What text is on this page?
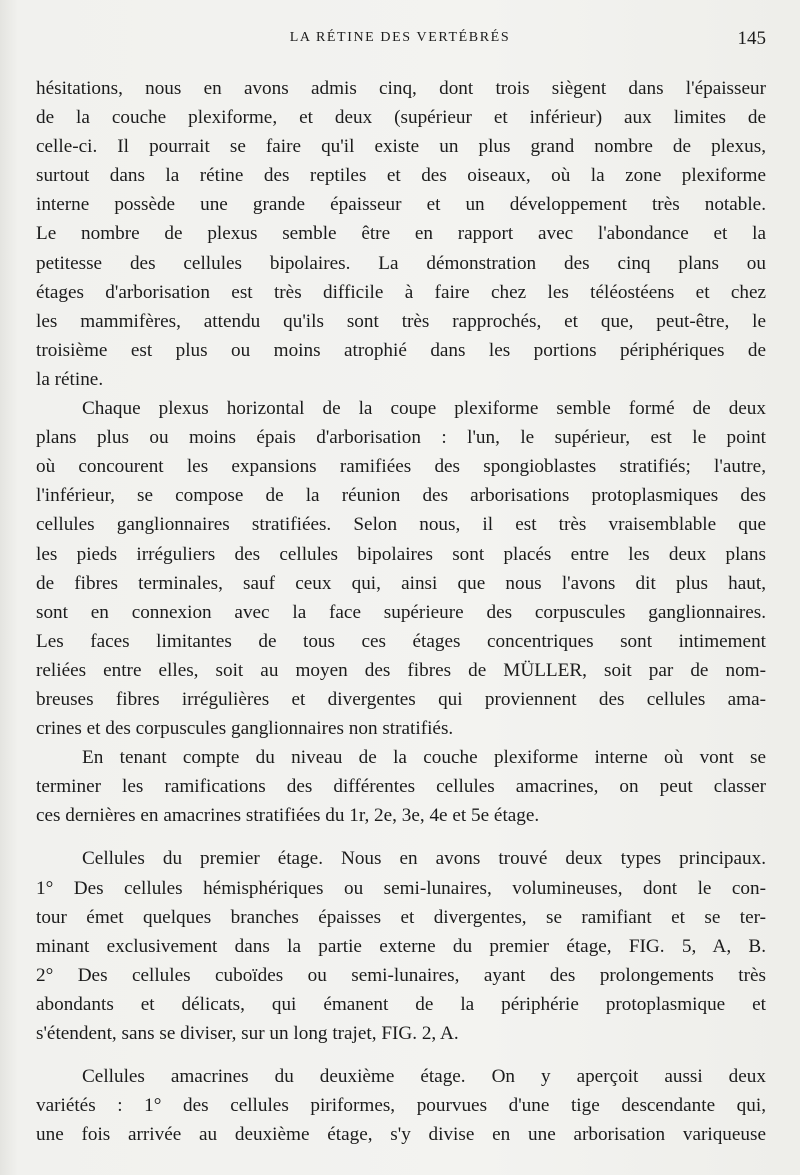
LA RÉTINE DES VERTÉBRÉS	145

hésitations, nous en avons admis cinq, dont trois siègent dans l'épaisseur
de la couche plexiforme, et deux (supérieur et inférieur) aux limites de
celle-ci. Il pourrait se faire qu'il existe un plus grand nombre de plexus,
surtout dans la rétine des reptiles et des oiseaux, où la zone plexiforme
interne possède une grande épaisseur et un développement très notable.
Le nombre de plexus semble être en rapport avec l'abondance et la
petitesse des cellules bipolaires. La démonstration des cinq plans ou
étages d'arborisation est très difficile à faire chez les téléostéens et chez
les mammifères, attendu qu'ils sont très rapprochés, et que, peut-être, le
troisième est plus ou moins atrophié dans les portions périphériques de
la rétine.

Chaque plexus horizontal de la coupe plexiforme semble formé de deux
plans plus ou moins épais d'arborisation : l'un, le supérieur, est le point
où concourent les expansions ramifiées des spongioblastes stratifiés; l'autre,
l'inférieur, se compose de la réunion des arborisations protoplasmiques des
cellules ganglionnaires stratifiées. Selon nous, il est très vraisemblable que
les pieds irréguliers des cellules bipolaires sont placés entre les deux plans
de fibres terminales, sauf ceux qui, ainsi que nous l'avons dit plus haut,
sont en connexion avec la face supérieure des corpuscules ganglionnaires.
Les faces limitantes de tous ces étages concentriques sont intimement
reliées entre elles, soit au moyen des fibres de MÜLLER, soit par de nom-
breuses fibres irrégulières et divergentes qui proviennent des cellules ama-
crines et des corpuscules ganglionnaires non stratifiés.

En tenant compte du niveau de la couche plexiforme interne où vont se
terminer les ramifications des différentes cellules amacrines, on peut classer
ces dernières en amacrines stratifiées du 1r, 2e, 3e, 4e et 5e étage.

Cellules du premier étage. Nous en avons trouvé deux types principaux.
1° Des cellules hémisphériques ou semi-lunaires, volumineuses, dont le con-
tour émet quelques branches épaisses et divergentes, se ramifiant et se ter-
minant exclusivement dans la partie externe du premier étage, FIG. 5, A, B.
2° Des cellules cuboïdes ou semi-lunaires, ayant des prolongements très
abondants et délicats, qui émanent de la périphérie protoplasmique et
s'étendent, sans se diviser, sur un long trajet, FIG. 2, A.

Cellules amacrines du deuxième étage. On y aperçoit aussi deux
variétés : 1° des cellules piriformes, pourvues d'une tige descendante qui,
une fois arrivée au deuxième étage, s'y divise en une arborisation variqueuse
